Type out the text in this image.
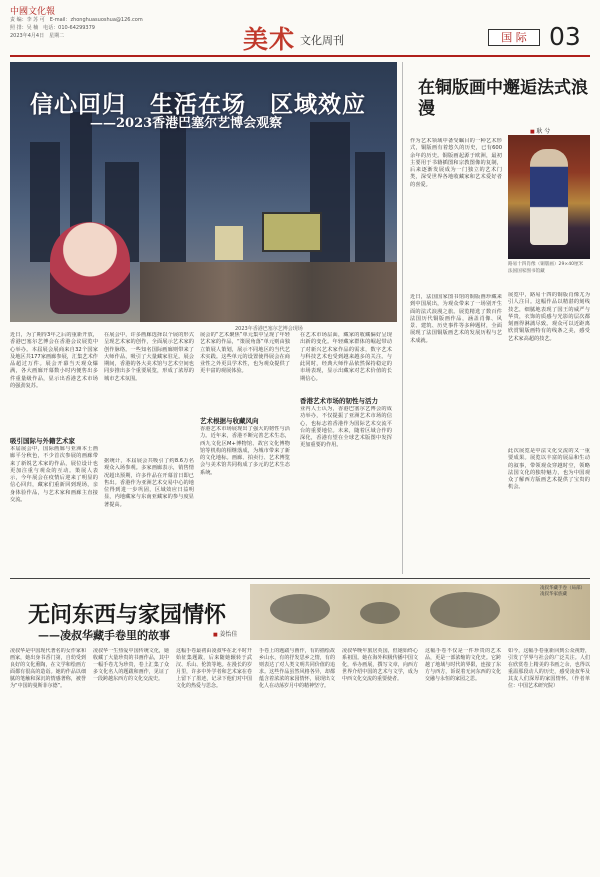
中國文化報
责 编：李 苏 可　E-mail：zhonghuasuoshua@126.com
照 排：吴 楠　电话：010-64299379
2023年4月4日　星期二	美术 文化周刊	国 际 03
信心回归　生活在场　区域效应
——2023香港巴塞尔艺博会观察
2023年香港巴塞尔艺博会现场
近日，为了期待3年之后的重新开放，香港巴塞尔艺博会在香港会议展览中心举办。本届展会展商来自32个国家及地区共177家画廊参展，汇集艺术作品超过万件。展会开幕当天观众爆满，各大画廊开幕数小时内便售出多件重量级作品，显示出香港艺术市场的强劲复苏。
吸引国际与外籍艺术家
本届展会中，国际画廊与亚洲本土画廊平分秋色，不少首次参展的画廊带来了新锐艺术家的作品，展位设计也更加注重与观众的互动。策展人表示，今年展会在疫情后迎来了明显的信心回归，藏家们重新回到现场，亲身体验作品，与艺术家和画廊主直接交流。
在展会中，许多画廊选择以个展的形式呈现艺术家的创作，全面展示艺术家的创作脉络。一些知名国际画廊则带来了大师作品，吸引了大量藏家驻足。展会期间，香港的各大美术馆与艺术空间也同步推出多个重要展览，形成了浓厚的城市艺术氛围。
据统计，本届展会共吸引了约8.6万名观众入场参观。多家画廊表示，销售情况超出预期，许多作品在开幕首日即已售出。香港作为亚洲艺术交易中心的地位得到进一步巩固，区域效应日益明显，内地藏家与东南亚藏家的参与度显著提高。
展会的“艺术聚焦”单元集中呈现了年轻艺术家的作品，“策展角落”单元则由独立策展人策划，展示不同地区的当代艺术实践。这些单元的设置使得展会在商业性之外更具学术性，也为观众提供了更丰富的观展体验。
艺术根据与收藏风向
香港艺术市场展现出了强大的韧性与活力。近年来，香港不断完善艺术生态，西九文化区M+博物馆、故宫文化博物馆等机构的相继落成，为城市带来了新的文化地标。画廊、拍卖行、艺术博览会与美术馆共同构成了多元的艺术生态系统。
在艺术市场层面，藏家的收藏偏好呈现出新的变化。年轻藏家群体的崛起带动了对新兴艺术家作品的需求，数字艺术与科技艺术也受到越来越多的关注。与此同时，经典大师作品依然保持稳定的市场表现，显示出藏家对艺术价值的长期信心。
香港艺术市场的韧性与活力
业内人士认为，香港巴塞尔艺博会的成功举办，不仅提振了亚洲艺术市场的信心，也标志着香港作为国际艺术交流平台的重要地位。未来，随着区域合作的深化，香港有望在全球艺术版图中发挥更加重要的作用。
在铜版画中邂逅法式浪漫
■ 耿 兮
路易十四肖像（铜版画）29×40厘米　法国国家图书馆藏
作为艺术领域中备受瞩目的一种艺术形式，铜版画有着悠久的历史，已有600余年的历史。铜版画起源于欧洲，最初主要用于书籍插图和宗教图像的复制，后来逐渐发展成为一门独立的艺术门类，深受世界各地收藏家和艺术爱好者的喜爱。
近日，法国国家图书馆的铜版画珍藏来到中国展出，为观众带来了一场别开生面的法式浪漫之旅。展览精选了数百件法国历代铜版画作品，涵盖肖像、风景、建筑、历史事件等多种题材，全面展现了法国铜版画艺术的发展历程与艺术成就。
展览中，路易十四的铜版肖像尤为引人注目。这幅作品以精湛的刻线技艺，细腻地表现了国王的威严与华贵，衣饰的质感与光影的层次都刻画得淋漓尽致。观众可以近距离欣赏铜版画特有的线条之美，感受艺术家高超的技艺。
此次展览是中法文化交流的又一重要成果。展览以丰富的展品和生动的叙事，带领观众穿越时空，领略法国文化的独特魅力，也为中国观众了解西方版画艺术提供了宝贵的机会。
无问东西与家园情怀
——凌叔华藏手卷里的故事
■	姜怡佳
凌叔华藏手卷（局部）　凌叔华家族藏
凌叔华是中国现代著名的女作家和画家，她出身书香门第，自幼受到良好的文化熏陶，在文学和绘画方面都有很高的造诣。她的作品以细腻的笔触和深沉的情感著称，被誉为“中国的曼斯菲尔德”。
凌叔华一生热爱中国传统文化，她收藏了大量珍贵的书画作品，其中一幅手卷尤为珍贵，卷上汇集了众多文化名人的题跋和画作，见证了一段跨越东西方的文化交流史。
这幅手卷最初由凌叔华在北平时开始征集题跋，后来随她辗转于武汉、乐山、伦敦等地。在漫长的岁月里，许多中外学者和艺术家在卷上留下了墨迹，记录下他们对中国文化的热爱与思念。
手卷上的题跋与画作，有的描绘故乡山水，有的抒发思乡之情，有的则表达了对人类文明共同价值的追求。这些作品虽然风格各异，却都蕴含着浓浓的家园情怀，展现出文化人在动荡岁月中的精神坚守。
凌叔华晚年旅居英国，但她始终心系祖国。她在海外积极传播中国文化，举办画展，撰写文章，向西方世界介绍中国的艺术与文学，成为中西文化交流的重要使者。
这幅手卷不仅是一件珍贵的艺术品，更是一部浓缩的文化史。它跨越了地域与时代的界限，连接了东方与西方，诉说着无问东西的文化交融与永恒的家园之思。
如今，这幅手卷重新回到公众视野，引发了学界与社会的广泛关注。人们在欣赏卷上精美的书画之余，也得以重温那段动人的历史，感受凌叔华及其友人们深厚的家国情怀。（作者单位：中国艺术研究院）
